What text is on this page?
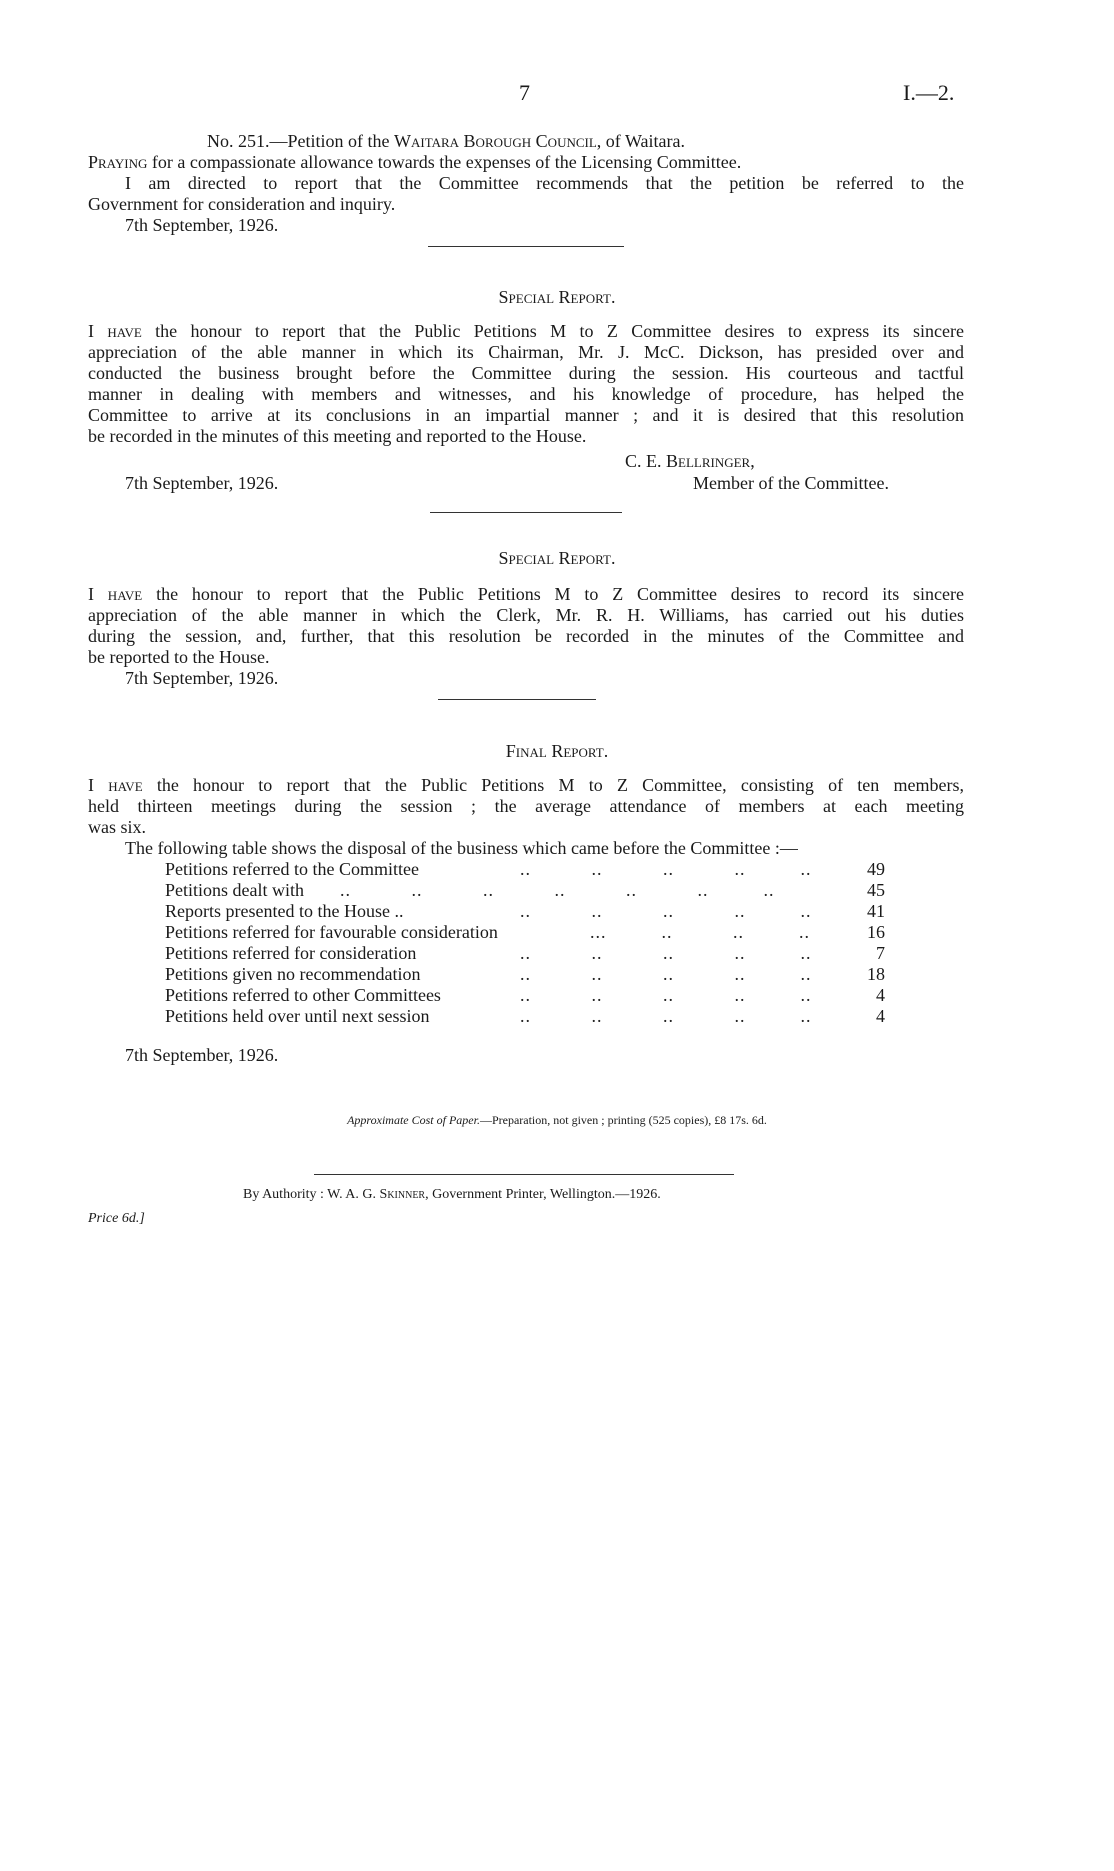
7	I.—2.
No. 251.—Petition of the Waitara Borough Council, of Waitara.
Praying for a compassionate allowance towards the expenses of the Licensing Committee.
I am directed to report that the Committee recommends that the petition be referred to the
Government for consideration and inquiry.
7th September, 1926.
Special Report.
I have the honour to report that the Public Petitions M to Z Committee desires to express its sincere
appreciation of the able manner in which its Chairman, Mr. J. McC. Dickson, has presided over and
conducted the business brought before the Committee during the session. His courteous and tactful
manner in dealing with members and witnesses, and his knowledge of procedure, has helped the
Committee to arrive at its conclusions in an impartial manner ; and it is desired that this resolution
be recorded in the minutes of this meeting and reported to the House.
C. E. Bellringer,
7th September, 1926.	Member of the Committee.
Special Report.
I have the honour to report that the Public Petitions M to Z Committee desires to record its sincere
appreciation of the able manner in which the Clerk, Mr. R. H. Williams, has carried out his duties
during the session, and, further, that this resolution be recorded in the minutes of the Committee and
be reported to the House.
7th September, 1926.
Final Report.
I have the honour to report that the Public Petitions M to Z Committee, consisting of ten members,
held thirteen meetings during the session ; the average attendance of members at each meeting
was six.
The following table shows the disposal of the business which came before the Committee :—
..           ..           ..           ..          ..
Petitions referred to the Committee	49
..           ..           ..           ..           ..           ..          ..
Petitions dealt with	45
..           ..           ..           ..          ..
Reports presented to the House ..	41
...          ..           ..          ..
Petitions referred for favourable consideration	16
..           ..           ..           ..          ..
Petitions referred for consideration	7
..           ..           ..           ..          ..
Petitions given no recommendation	18
..           ..           ..           ..          ..
Petitions referred to other Committees	4
..           ..           ..           ..          ..
Petitions held over until next session	4
7th September, 1926.
Approximate Cost of Paper.—Preparation, not given ; printing (525 copies), £8 17s. 6d.
By Authority : W. A. G. Skinner, Government Printer, Wellington.—1926.
Price 6d.]
